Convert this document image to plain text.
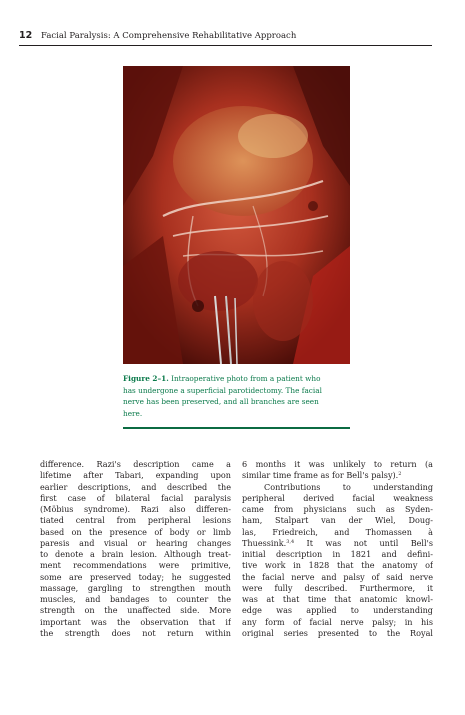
12 Facial Paralysis: A Comprehensive Rehabilitative Approach
Figure 2–1. Intraoperative photo from a patient who
has undergone a superficial parotidectomy. The facial
nerve has been preserved, and all branches are seen
here.
difference. Razi's description came a
lifetime after Tabari, expanding upon
earlier descriptions, and described the
first case of bilateral facial paralysis
(Möbius syndrome). Razi also differen-
tiated central from peripheral lesions
based on the presence of body or limb
paresis and visual or hearing changes
to denote a brain lesion. Although treat-
ment recommendations were primitive,
some are preserved today; he suggested
massage, gargling to strengthen mouth
muscles, and bandages to counter the
strength on the unaffected side. More
important was the observation that if
the strength does not return within
6 months it was unlikely to return (a
similar time frame as for Bell's palsy).$^2$
Contributions to understanding
peripheral derived facial weakness
came from physicians such as Syden-
ham, Stalpart van der Wiel, Doug-
las, Friedreich, and Thomassen à
Thuessink.$^{3,4}$ It was not until Bell's
initial description in 1821 and defini-
tive work in 1828 that the anatomy of
the facial nerve and palsy of said nerve
were fully described. Furthermore, it
was at that time that anatomic knowl-
edge was applied to understanding
any form of facial nerve palsy; in his
original series presented to the Royal
